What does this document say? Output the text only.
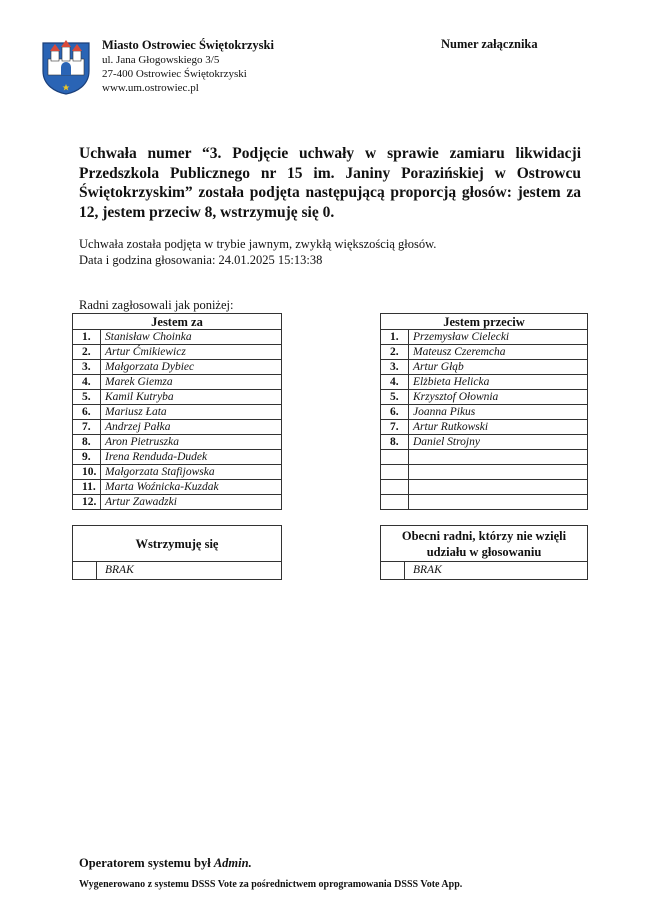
Miasto Ostrowiec Świętokrzyski
ul. Jana Głogowskiego 3/5
27-400 Ostrowiec Świętokrzyski
www.um.ostrowiec.pl
Numer załącznika
Uchwała numer “3. Podjęcie uchwały w sprawie zamiaru likwidacji Przedszkola Publicznego nr 15 im. Janiny Porazińskiej w Ostrowcu Świętokrzyskim” została podjęta następującą proporcją głosów: jestem za 12, jestem przeciw 8, wstrzymuję się 0.
Uchwała została podjęta w trybie jawnym, zwykłą większością głosów.
Data i godzina głosowania: 24.01.2025 15:13:38
Radni zagłosowali jak poniżej:
Jestem za	
1.	Stanisław Choinka
2.	Artur Ćmikiewicz
3.	Małgorzata Dybiec
4.	Marek Giemza
5.	Kamil Kutryba
6.	Mariusz Łata
7.	Andrzej Pałka
8.	Aron Pietruszka
9.	Irena Renduda-Dudek
10.	Małgorzata Stafijowska
11.	Marta Woźnicka-Kuzdak
12.	Artur Zawadzki
Jestem przeciw	
1.	Przemysław Cielecki
2.	Mateusz Czeremcha
3.	Artur Głąb
4.	Elżbieta Helicka
5.	Krzysztof Ołownia
6.	Joanna Pikus
7.	Artur Rutkowski
8.	Daniel Strojny

Wstrzymuję się
	BRAK
Obecni radni, którzy nie wzięli udziału w głosowaniu
	BRAK
Operatorem systemu był Admin.
Wygenerowano z systemu DSSS Vote za pośrednictwem oprogramowania DSSS Vote App.
